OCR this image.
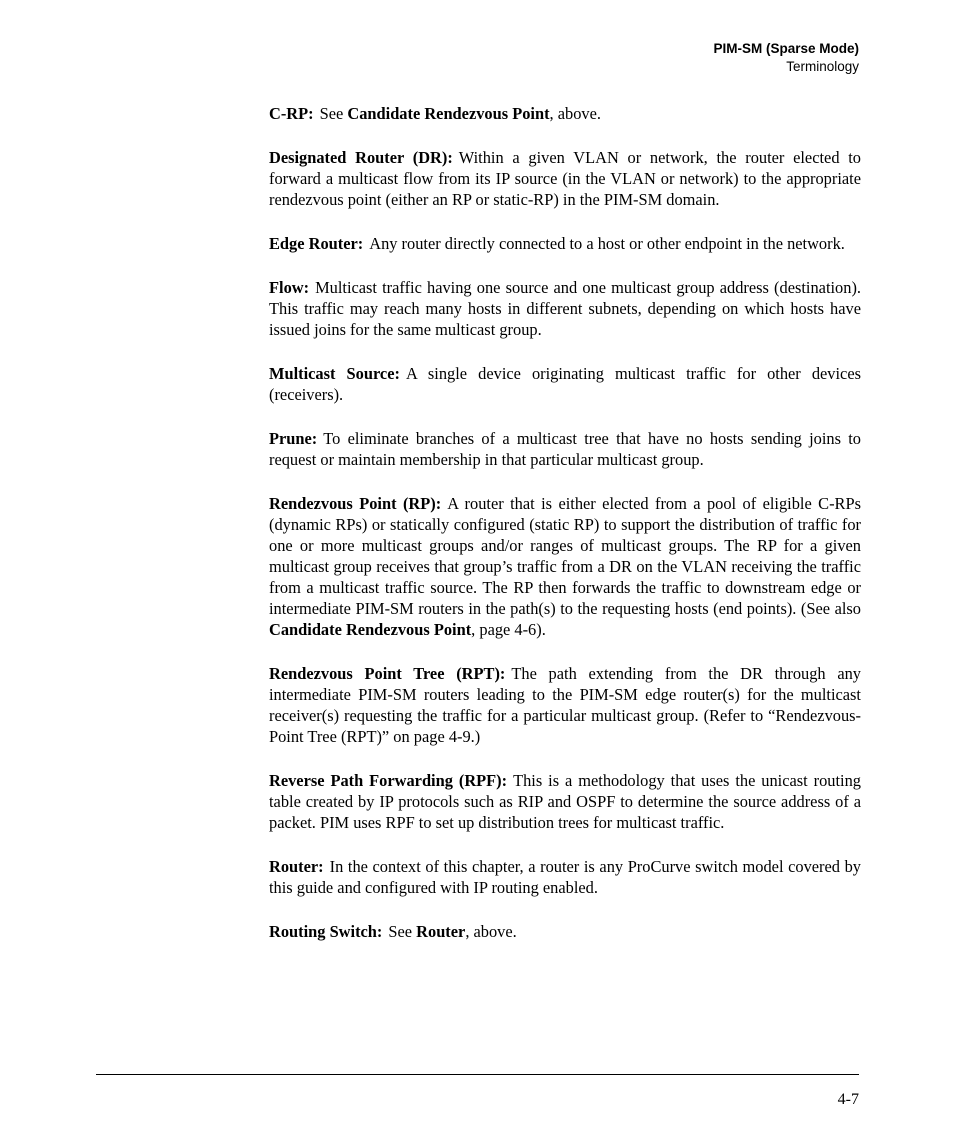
PIM-SM (Sparse Mode)
Terminology

C-RP: See Candidate Rendezvous Point, above.

Designated Router (DR): Within a given VLAN or network, the router elected to forward a multicast flow from its IP source (in the VLAN or network) to the appropriate rendezvous point (either an RP or static-RP) in the PIM-SM domain.

Edge Router: Any router directly connected to a host or other endpoint in the network.

Flow: Multicast traffic having one source and one multicast group address (destination). This traffic may reach many hosts in different subnets, depending on which hosts have issued joins for the same multicast group.

Multicast Source: A single device originating multicast traffic for other devices (receivers).

Prune: To eliminate branches of a multicast tree that have no hosts sending joins to request or maintain membership in that particular multicast group.

Rendezvous Point (RP): A router that is either elected from a pool of eligible C-RPs (dynamic RPs) or statically configured (static RP) to support the distribution of traffic for one or more multicast groups and/or ranges of multicast groups. The RP for a given multicast group receives that group’s traffic from a DR on the VLAN receiving the traffic from a multicast traffic source. The RP then forwards the traffic to downstream edge or intermediate PIM-SM routers in the path(s) to the requesting hosts (end points). (See also Candidate Rendezvous Point, page 4-6).

Rendezvous Point Tree (RPT): The path extending from the DR through any intermediate PIM-SM routers leading to the PIM-SM edge router(s) for the multicast receiver(s) requesting the traffic for a particular multicast group. (Refer to “Rendezvous-Point Tree (RPT)” on page 4-9.)

Reverse Path Forwarding (RPF): This is a methodology that uses the unicast routing table created by IP protocols such as RIP and OSPF to determine the source address of a packet. PIM uses RPF to set up distribution trees for multicast traffic.

Router: In the context of this chapter, a router is any ProCurve switch model covered by this guide and configured with IP routing enabled.

Routing Switch: See Router, above.

4-7
